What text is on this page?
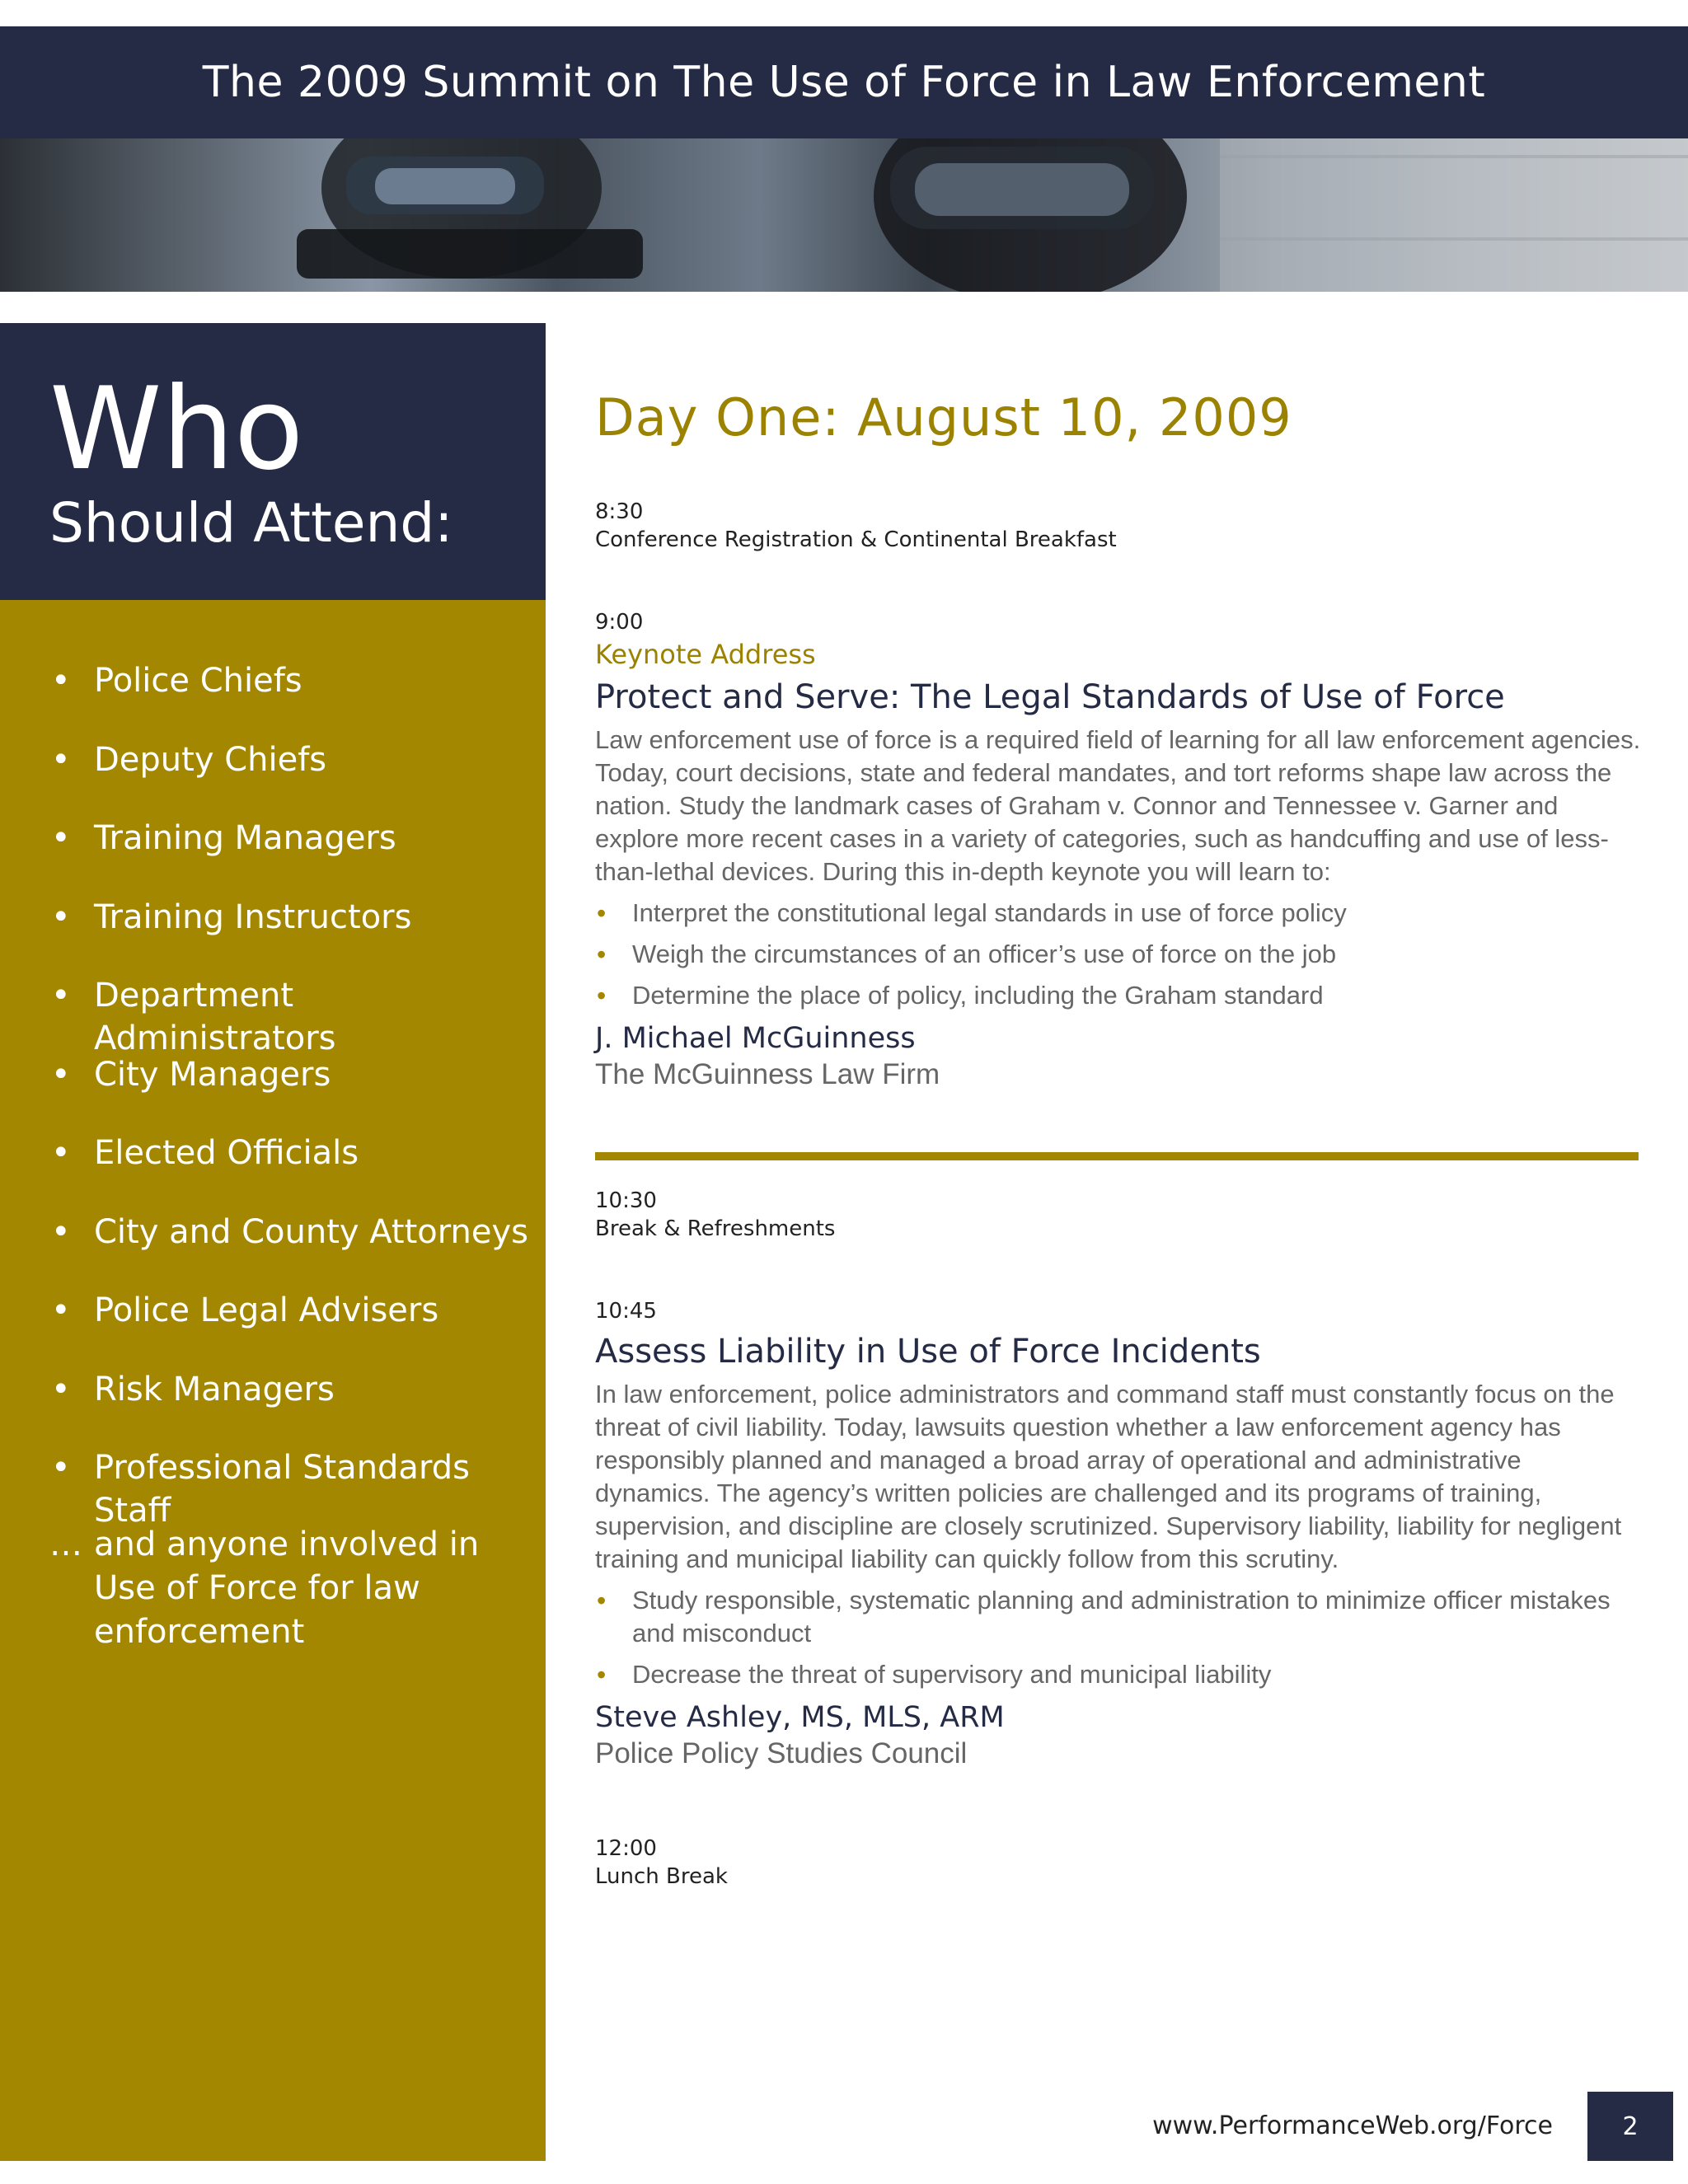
The 2009 Summit on The Use of Force in Law Enforcement
Who
Should Attend:
• Police Chiefs
• Deputy Chiefs
• Training Managers
• Training Instructors
• Department Administrators
• City Managers
• Elected Officials
• City and County Attorneys
• Police Legal Advisers
• Risk Managers
• Professional Standards Staff
… and anyone involved in Use of Force for law enforcement
Day One: August 10, 2009
8:30
Conference Registration & Continental Breakfast
9:00
Keynote Address
Protect and Serve: The Legal Standards of Use of Force
Law enforcement use of force is a required field of learning for all law enforcement agencies. Today, court decisions, state and federal mandates, and tort reforms shape law across the nation. Study the landmark cases of Graham v. Connor and Tennessee v. Garner and explore more recent cases in a variety of categories, such as handcuffing and use of less-than-lethal devices. During this in-depth keynote you will learn to:
• Interpret the constitutional legal standards in use of force policy
• Weigh the circumstances of an officer’s use of force on the job
• Determine the place of policy, including the Graham standard
J. Michael McGuinness
The McGuinness Law Firm
10:30
Break & Refreshments
10:45
Assess Liability in Use of Force Incidents
In law enforcement, police administrators and command staff must constantly focus on the threat of civil liability. Today, lawsuits question whether a law enforcement agency has responsibly planned and managed a broad array of operational and administrative dynamics. The agency’s written policies are challenged and its programs of training, supervision, and discipline are closely scrutinized. Supervisory liability, liability for negligent training and municipal liability can quickly follow from this scrutiny.
• Study responsible, systematic planning and administration to minimize officer mistakes and misconduct
• Decrease the threat of supervisory and municipal liability
Steve Ashley, MS, MLS, ARM
Police Policy Studies Council
12:00
Lunch Break
www.PerformanceWeb.org/Force	2
